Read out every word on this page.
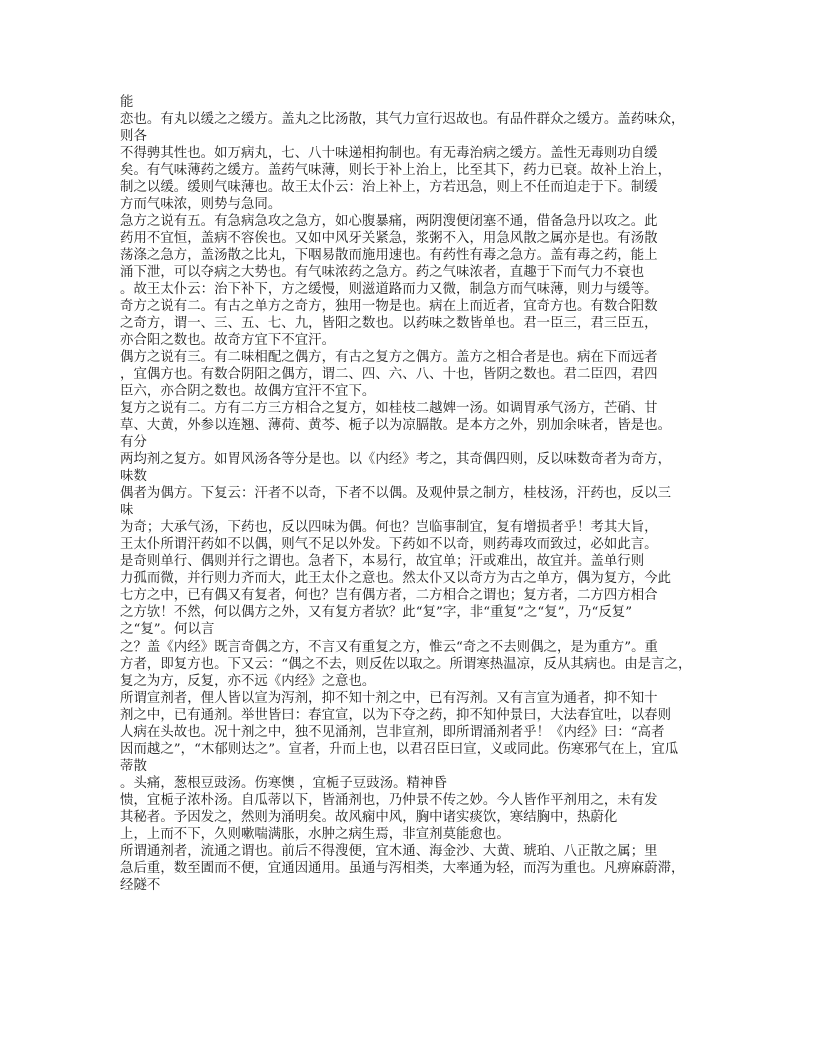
能
恋也。有丸以缓之之缓方。盖丸之比汤散，其气力宣行迟故也。有品件群众之缓方。盖药味众，
则各
不得骋其性也。如万病丸，七、八十味递相拘制也。有无毒治病之缓方。盖性无毒则功自缓
矣。有气味薄药之缓方。盖药气味薄，则长于补上治上，比至其下，药力已衰。故补上治上，
制之以缓。缓则气味薄也。故王太仆云：治上补上，方若迅急，则上不任而迫走于下。制缓
方而气味浓，则势与急同。
急方之说有五。有急病急攻之急方，如心腹暴痛，两阴溲便闭塞不通，借备急丹以攻之。此
药用不宜恒，盖病不容俟也。又如中风牙关紧急，浆粥不入，用急风散之属亦是也。有汤散
荡涤之急方，盖汤散之比丸，下咽易散而施用速也。有药性有毒之急方。盖有毒之药，能上
涌下泄，可以夺病之大势也。有气味浓药之急方。药之气味浓者，直趣于下而气力不衰也
。故王太仆云：治下补下，方之缓慢，则滋道路而力又微，制急方而气味薄，则力与缓等。
奇方之说有二。有古之单方之奇方，独用一物是也。病在上而近者，宜奇方也。有数合阳数
之奇方，谓一、三、五、七、九，皆阳之数也。以药味之数皆单也。君一臣三，君三臣五，
亦合阳之数也。故奇方宜下不宜汗。
偶方之说有三。有二味相配之偶方，有古之复方之偶方。盖方之相合者是也。病在下而远者
，宜偶方也。有数合阴阳之偶方，谓二、四、六、八、十也，皆阴之数也。君二臣四，君四
臣六，亦合阴之数也。故偶方宜汗不宜下。
复方之说有二。方有二方三方相合之复方，如桂枝二越婢一汤。如调胃承气汤方，芒硝、甘
草、大黄，外参以连翘、薄荷、黄芩、栀子以为凉膈散。是本方之外，别加余味者，皆是也。
有分
两均剂之复方。如胃风汤各等分是也。以《内经》考之，其奇偶四则，反以味数奇者为奇方，
味数
偶者为偶方。下复云：汗者不以奇，下者不以偶。及观仲景之制方，桂枝汤，汗药也，反以三
味
为奇；大承气汤，下药也，反以四味为偶。何也？岂临事制宜，复有增损者乎！考其大旨，
王太仆所谓汗药如不以偶，则气不足以外发。下药如不以奇，则药毒攻而致过，必如此言。
是奇则单行、偶则并行之谓也。急者下，本易行，故宜单；汗或难出，故宜并。盖单行则
力孤而微，并行则力齐而大，此王太仆之意也。然太仆又以奇方为古之单方，偶为复方，今此
七方之中，已有偶又有复者，何也？岂有偶方者，二方相合之谓也；复方者，二方四方相合
之方欤！不然，何以偶方之外，又有复方者欤？此“复”字，非“重复”之“复”，乃“反复”
之“复”。何以言
之？盖《内经》既言奇偶之方，不言又有重复之方，惟云“奇之不去则偶之，是为重方”。重
方者，即复方也。下又云：“偶之不去，则反佐以取之。所谓寒热温凉，反从其病也。由是言之，
复之为方，反复，亦不远《内经》之意也。
所谓宣剂者，俚人皆以宣为泻剂，抑不知十剂之中，已有泻剂。又有言宣为通者，抑不知十
剂之中，已有通剂。举世皆曰：春宜宣，以为下夺之药，抑不知仲景曰，大法春宜吐，以春则
人病在头故也。况十剂之中，独不见涌剂，岂非宣剂，即所谓涌剂者乎！《内经》曰：“高者
因而越之”，“木郁则达之”。宣者，升而上也，以君召臣曰宣，义或同此。伤寒邪气在上，宜瓜
蒂散
。头痛，葱根豆豉汤。伤寒懊 ，宜栀子豆豉汤。精神昏
愦，宜栀子浓朴汤。自瓜蒂以下，皆涌剂也，乃仲景不传之妙。今人皆作平剂用之，未有发
其秘者。予因发之，然则为涌明矣。故风痫中风，胸中诸实痰饮，寒结胸中，热蔚化
上，上而不下，久则嗽喘满胀，水肿之病生焉，非宣剂莫能愈也。
所谓通剂者，流通之谓也。前后不得溲便，宜木通、海金沙、大黄、琥珀、八正散之属；里
急后重，数至圊而不便，宜通因通用。虽通与泻相类，大率通为轻，而泻为重也。凡痹麻蔚滞，
经隧不
